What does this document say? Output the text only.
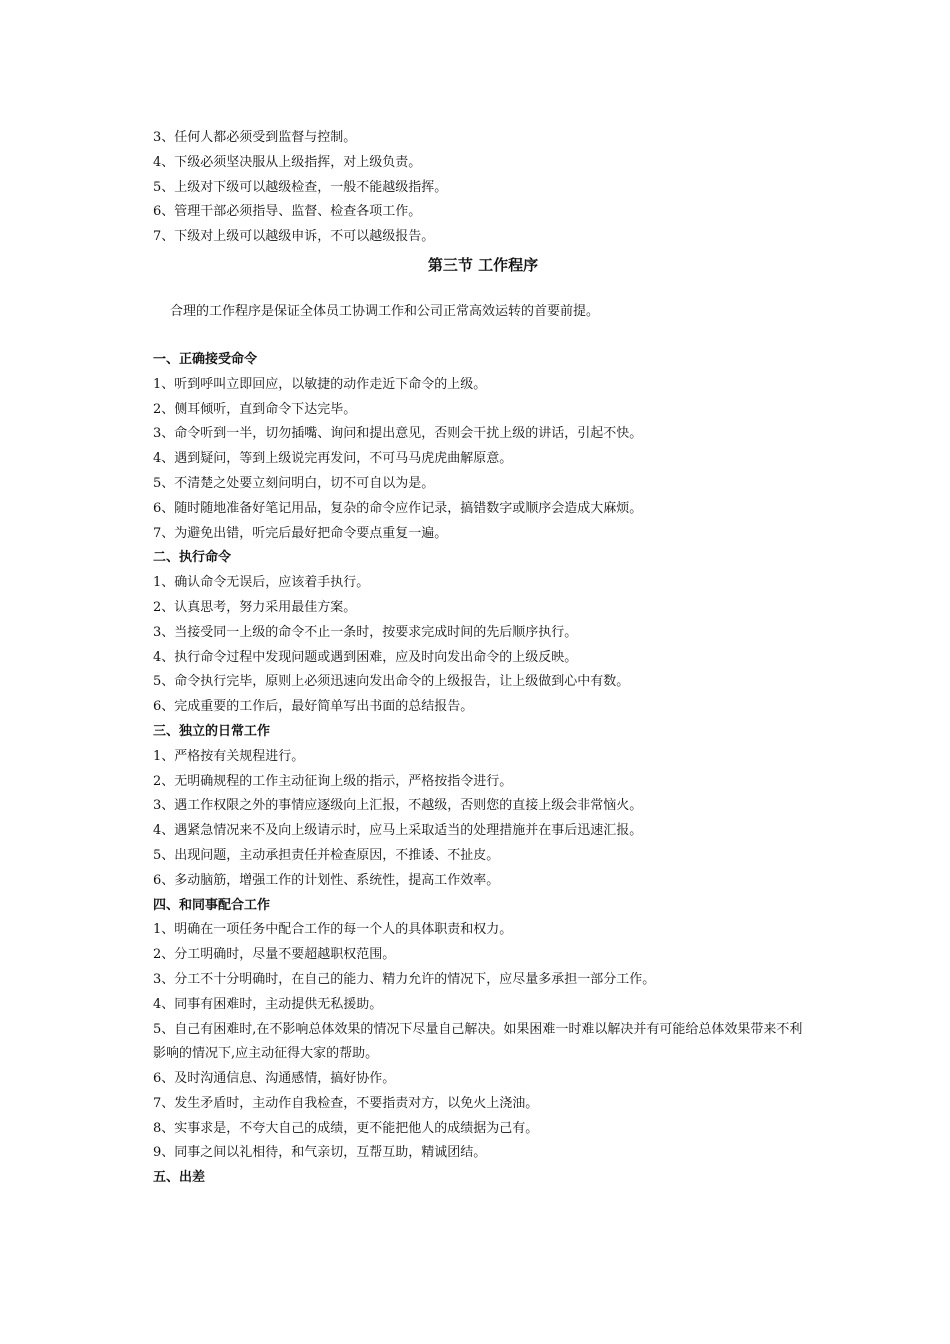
3、任何人都必须受到监督与控制。
4、下级必须坚决服从上级指挥，对上级负责。
5、上级对下级可以越级检查，一般不能越级指挥。
6、管理干部必须指导、监督、检查各项工作。
7、下级对上级可以越级申诉，不可以越级报告。
第三节 工作程序
合理的工作程序是保证全体员工协调工作和公司正常高效运转的首要前提。
一、正确接受命令
1、听到呼叫立即回应，以敏捷的动作走近下命令的上级。
2、侧耳倾听，直到命令下达完毕。
3、命令听到一半，切勿插嘴、询问和提出意见，否则会干扰上级的讲话，引起不快。
4、遇到疑问，等到上级说完再发问，不可马马虎虎曲解原意。
5、不清楚之处要立刻问明白，切不可自以为是。
6、随时随地准备好笔记用品，复杂的命令应作记录，搞错数字或顺序会造成大麻烦。
7、为避免出错，听完后最好把命令要点重复一遍。
二、执行命令
1、确认命令无误后，应该着手执行。
2、认真思考，努力采用最佳方案。
3、当接受同一上级的命令不止一条时，按要求完成时间的先后顺序执行。
4、执行命令过程中发现问题或遇到困难，应及时向发出命令的上级反映。
5、命令执行完毕，原则上必须迅速向发出命令的上级报告，让上级做到心中有数。
6、完成重要的工作后，最好简单写出书面的总结报告。
三、独立的日常工作
1、严格按有关规程进行。
2、无明确规程的工作主动征询上级的指示，严格按指令进行。
3、遇工作权限之外的事情应逐级向上汇报，不越级，否则您的直接上级会非常恼火。
4、遇紧急情况来不及向上级请示时，应马上采取适当的处理措施并在事后迅速汇报。
5、出现问题，主动承担责任并检查原因，不推诿、不扯皮。
6、多动脑筋，增强工作的计划性、系统性，提高工作效率。
四、和同事配合工作
1、明确在一项任务中配合工作的每一个人的具体职责和权力。
2、分工明确时，尽量不要超越职权范围。
3、分工不十分明确时，在自己的能力、精力允许的情况下，应尽量多承担一部分工作。
4、同事有困难时，主动提供无私援助。
5、自己有困难时,在不影响总体效果的情况下尽量自己解决。如果困难一时难以解决并有可能给总体效果带来不利影响的情况下,应主动征得大家的帮助。
6、及时沟通信息、沟通感情，搞好协作。
7、发生矛盾时，主动作自我检查，不要指责对方，以免火上浇油。
8、实事求是，不夸大自己的成绩，更不能把他人的成绩据为己有。
9、同事之间以礼相待，和气亲切，互帮互助，精诚团结。
五、出差
